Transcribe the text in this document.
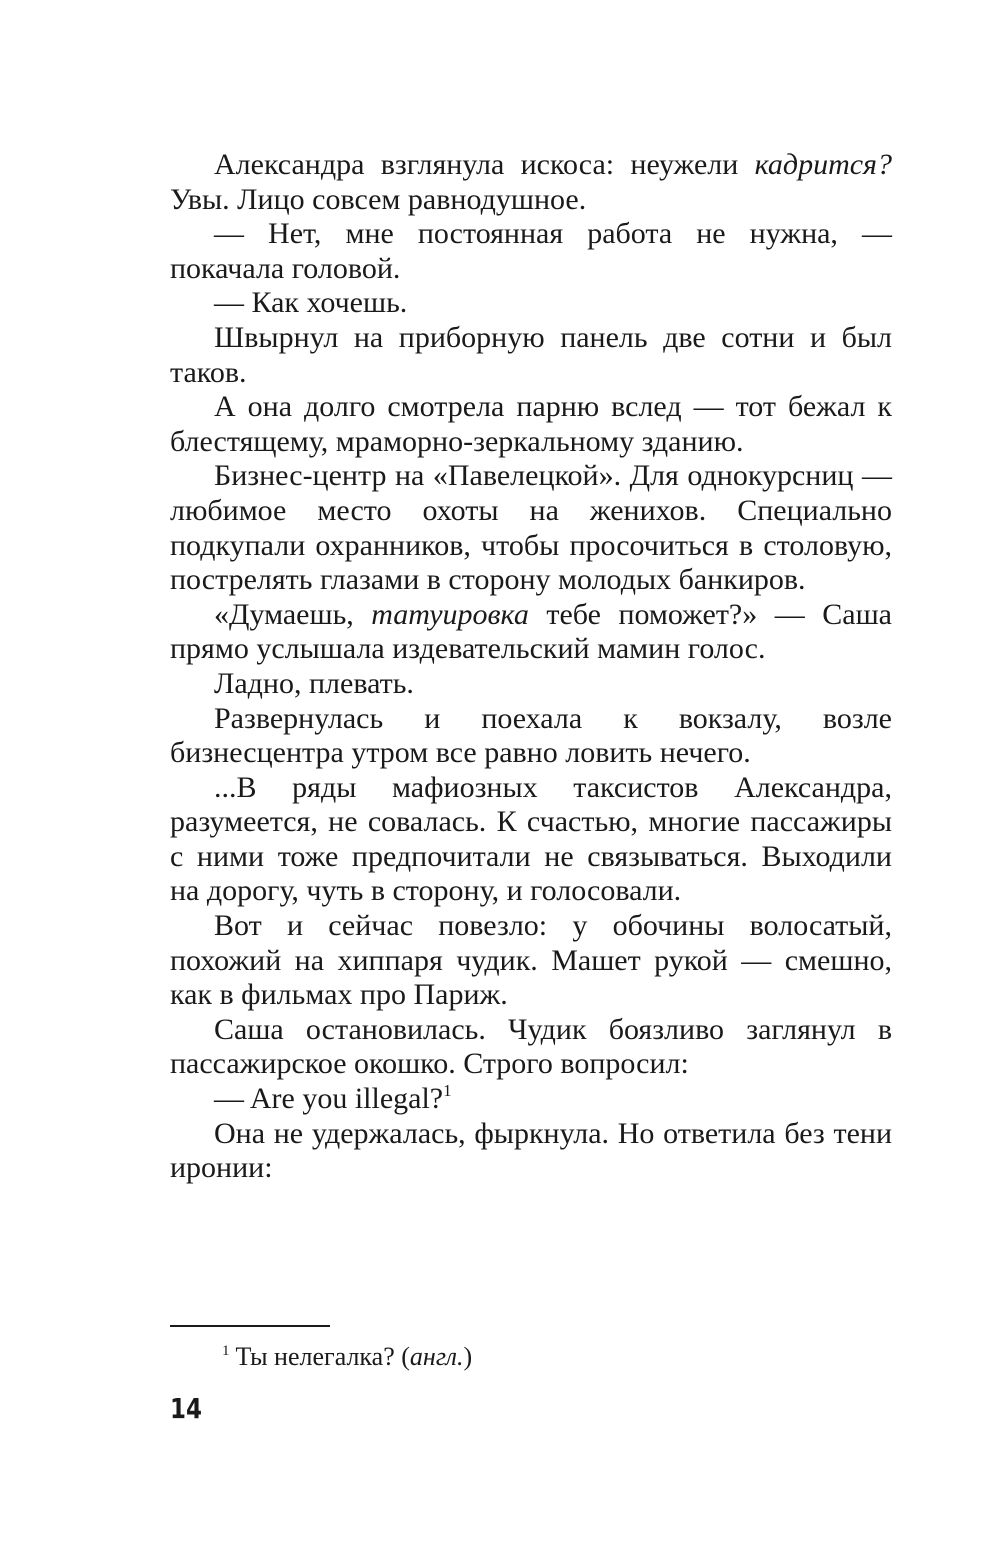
Александра взглянула искоса: неужели кадрится? Увы. Лицо совсем равнодушное.

— Нет, мне постоянная работа не нужна, — покачала головой.

— Как хочешь.

Швырнул на приборную панель две сотни и был таков.

А она долго смотрела парню вслед — тот бежал к блестящему, мраморно-зеркальному зданию.

Бизнес-центр на «Павелецкой». Для однокурсниц — любимое место охоты на женихов. Специально подкупали охранников, чтобы просочиться в столовую, пострелять глазами в сторону молодых банкиров.

«Думаешь, татуировка тебе поможет?» — Саша прямо услышала издевательский мамин голос.

Ладно, плевать.

Развернулась и поехала к вокзалу, возле бизнесцентра утром все равно ловить нечего.

...В ряды мафиозных таксистов Александра, разумеется, не совалась. К счастью, многие пассажиры с ними тоже предпочитали не связываться. Выходили на дорогу, чуть в сторону, и голосовали.

Вот и сейчас повезло: у обочины волосатый, похожий на хиппаря чудик. Машет рукой — смешно, как в фильмах про Париж.

Саша остановилась. Чудик боязливо заглянул в пассажирское окошко. Строго вопросил:

— Are you illegal?$^1$

Она не удержалась, фыркнула. Но ответила без тени иронии:

$^1$ Ты нелегалка? (англ.)
14
